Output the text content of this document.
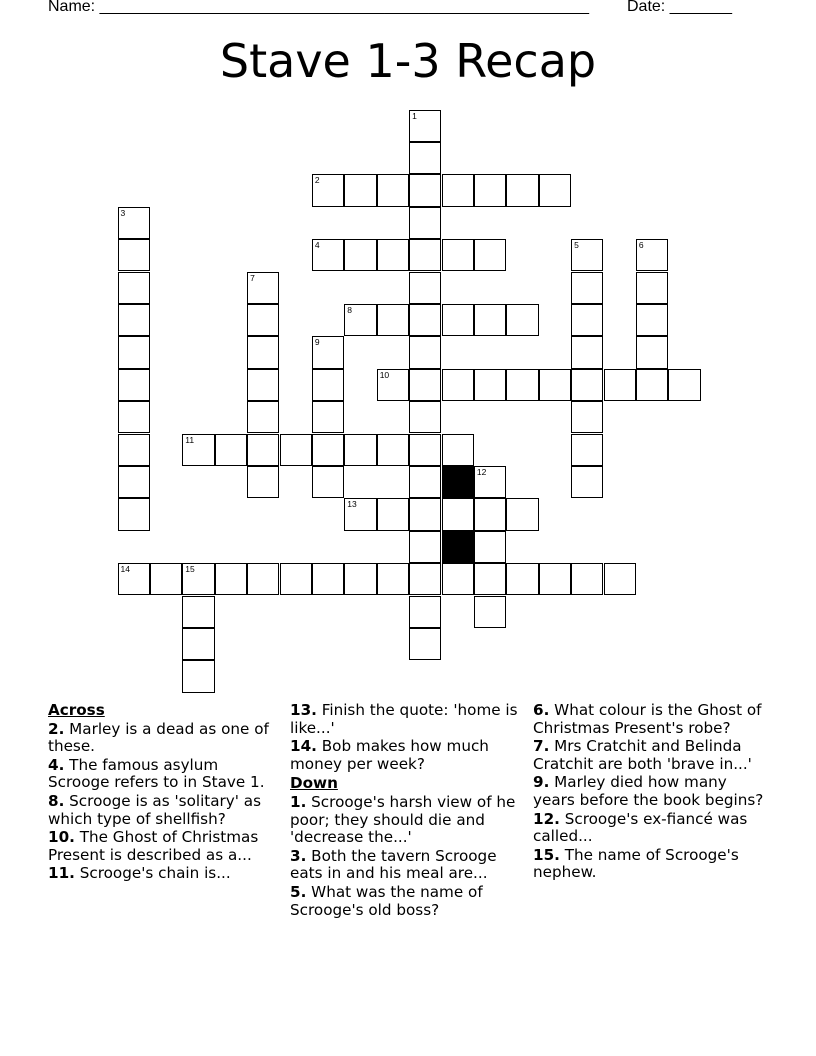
Name: _______________________________________________________ Date: _______
Stave 1-3 Recap
1
2
3
4	5	6
7
8
9
10
11
12
13
14	15
Across
2. Marley is a dead as one of these.
4. The famous asylum Scrooge refers to in Stave 1.
8. Scrooge is as 'solitary' as which type of shellfish?
10. The Ghost of Christmas Present is described as a...
11. Scrooge's chain is...
13. Finish the quote: 'home is like...'
14. Bob makes how much money per week?
Down
1. Scrooge's harsh view of he poor; they should die and 'decrease the...'
3. Both the tavern Scrooge eats in and his meal are...
5. What was the name of Scrooge's old boss?
6. What colour is the Ghost of Christmas Present's robe?
7. Mrs Cratchit and Belinda Cratchit are both 'brave in...'
9. Marley died how many years before the book begins?
12. Scrooge's ex-fiancé was called...
15. The name of Scrooge's nephew.
